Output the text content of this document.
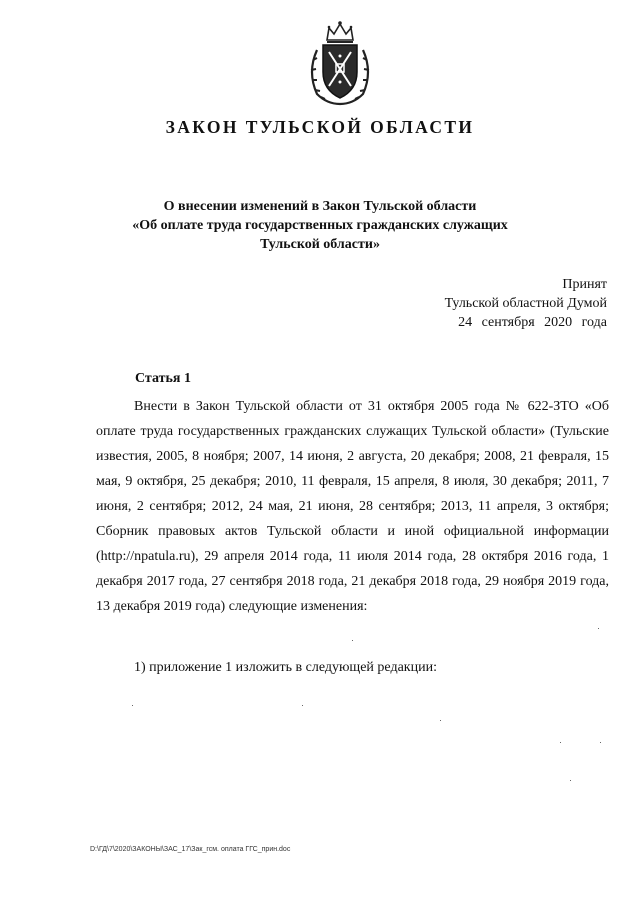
ЗАКОН ТУЛЬСКОЙ ОБЛАСТИ
О внесении изменений в Закон Тульской области
«Об оплате труда государственных гражданских служащих
Тульской области»
Принят
Тульской областной Думой
24 сентября 2020 года
Статья 1

Внести в Закон Тульской области от 31 октября 2005 года № 622-ЗТО «Об оплате труда государственных гражданских служащих Тульской области» (Тульские известия, 2005, 8 ноября; 2007, 14 июня, 2 августа, 20 декабря; 2008, 21 февраля, 15 мая, 9 октября, 25 декабря; 2010, 11 февраля, 15 апреля, 8 июля, 30 декабря; 2011, 7 июня, 2 сентября; 2012, 24 мая, 21 июня, 28 сентября; 2013, 11 апреля, 3 октября; Сборник правовых актов Тульской области и иной официальной информации (http://npatula.ru), 29 апреля 2014 года, 11 июля 2014 года, 28 октября 2016 года, 1 декабря 2017 года, 27 сентября 2018 года, 21 декабря 2018 года, 29 ноября 2019 года, 13 декабря 2019 года) следующие изменения:

1) приложение 1 изложить в следующей редакции:
D:\ГД\7\2020\ЗАКОНЫ\ЗАС_17\Зак_гсм. оплата ГГС_прин.doc
